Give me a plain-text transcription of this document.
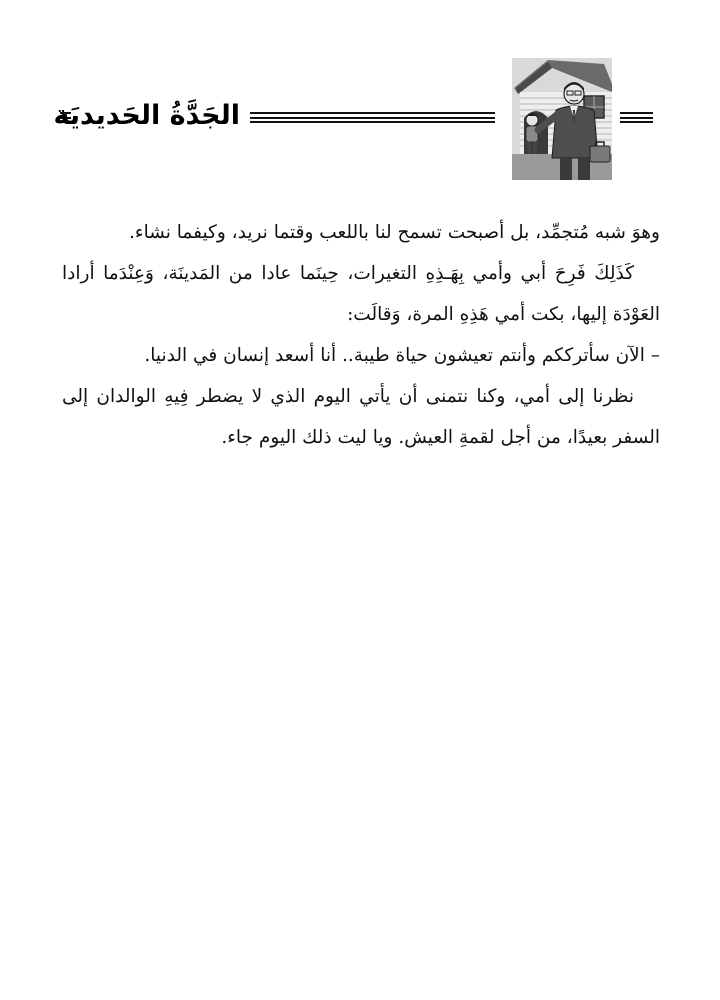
الجَدَّةُ الحَديديَة

وهوَ شبه مُتجمِّد، بل أصبحت تسمح لنا باللعب وقتما نريد، وكيفما نشاء.

كَذَلِكَ فَرِحَ أبي وأمي بِهَـذِهِ التغيرات، حِينَما عادا من المَدينَة، وَعِنْدَما أرادا العَوْدَة إليها، بكت أمي هَذِهِ المرة، وَقالَت:

– الآن سأترككم وأنتم تعيشون حياة طيبة.. أنا أسعد إنسان في الدنيا.

نظرنا إلى أمي، وكنا نتمنى أن يأتي اليوم الذي لا يضطر فِيهِ الوالدان إلى السفر بعيدًا، من أجل لقمةِ العيش. ويا ليت ذلك اليوم جاء.
